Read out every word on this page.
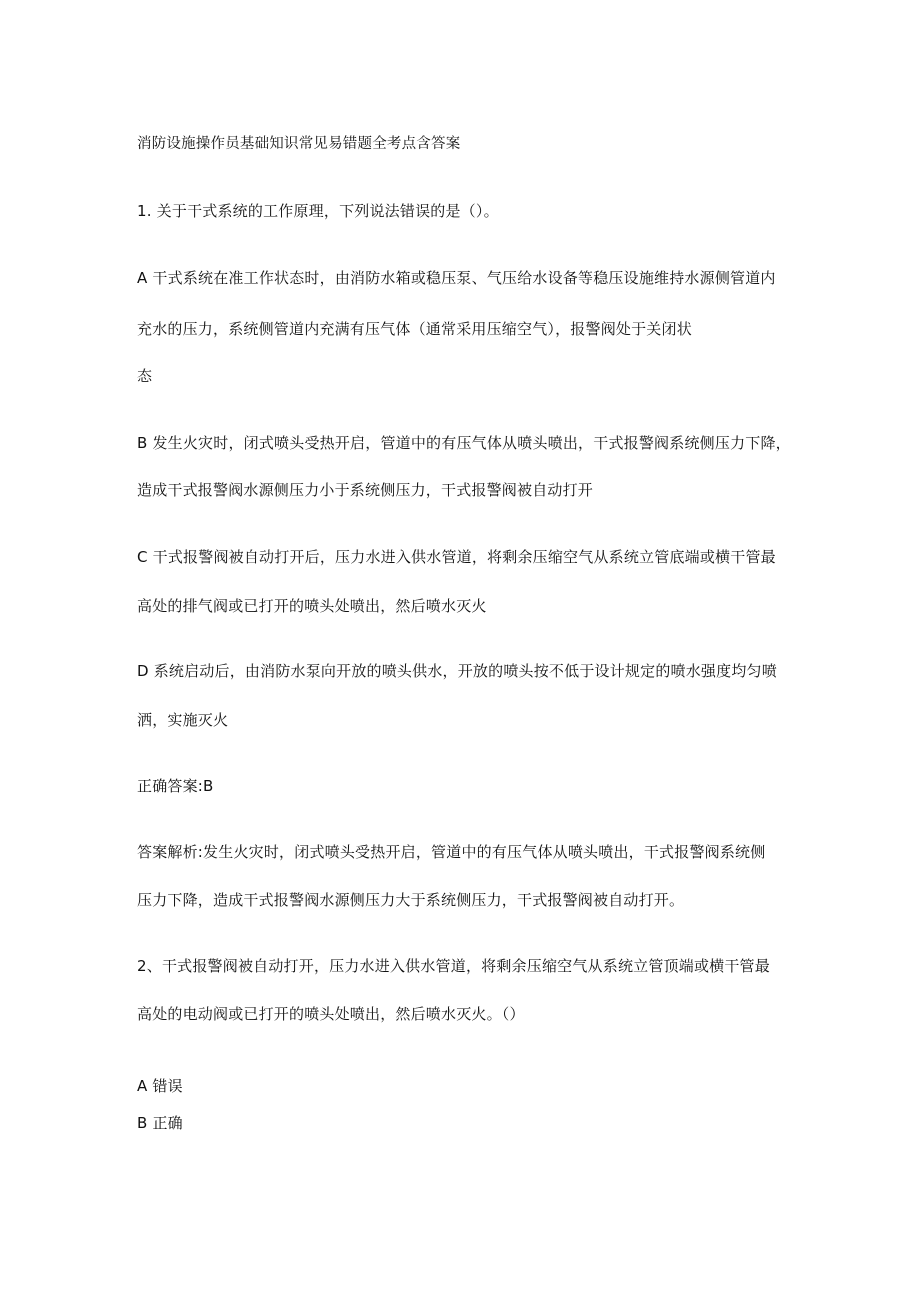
消防设施操作员基础知识常见易错题全考点含答案
1. 关于干式系统的工作原理，下列说法错误的是（）。
A 干式系统在准工作状态时，由消防水箱或稳压泵、气压给水设备等稳压设施维持水源侧管道内
充水的压力，系统侧管道内充满有压气体（通常采用压缩空气），报警阀处于关闭状
态
B 发生火灾时，闭式喷头受热开启，管道中的有压气体从喷头喷出，干式报警阀系统侧压力下降，
造成干式报警阀水源侧压力小于系统侧压力，干式报警阀被自动打开
C 干式报警阀被自动打开后，压力水进入供水管道，将剩余压缩空气从系统立管底端或横干管最
高处的排气阀或已打开的喷头处喷出，然后喷水灭火
D 系统启动后，由消防水泵向开放的喷头供水，开放的喷头按不低于设计规定的喷水强度均匀喷
洒，实施灭火
正确答案:B
答案解析:发生火灾时，闭式喷头受热开启，管道中的有压气体从喷头喷出，干式报警阀系统侧
压力下降，造成干式报警阀水源侧压力大于系统侧压力，干式报警阀被自动打开。
2、干式报警阀被自动打开，压力水进入供水管道，将剩余压缩空气从系统立管顶端或横干管最
高处的电动阀或已打开的喷头处喷出，然后喷水灭火。（）
A 错误
B 正确
